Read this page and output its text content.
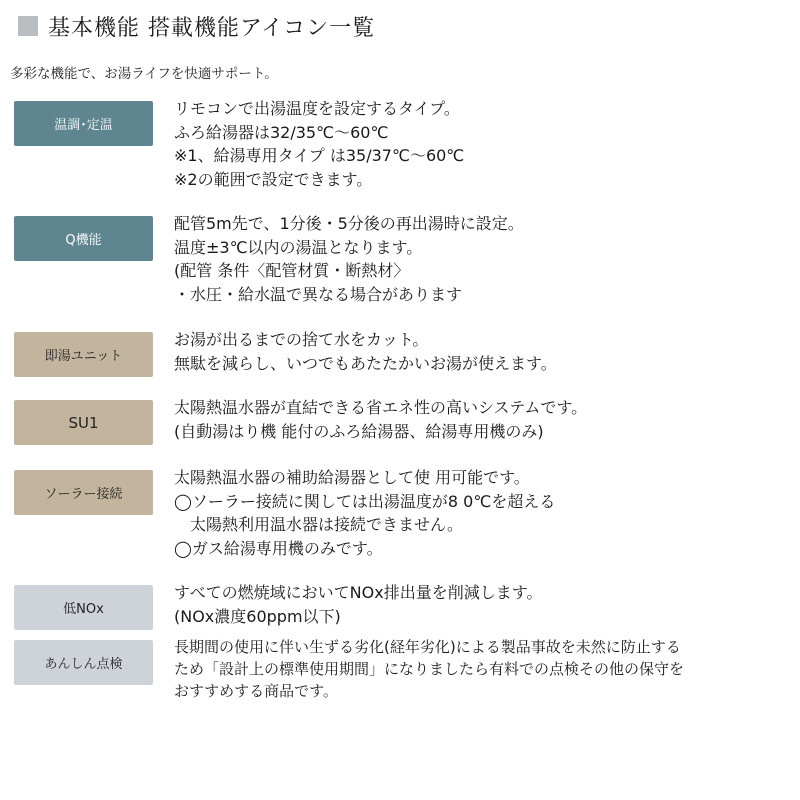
基本機能 搭載機能アイコン一覧
多彩な機能で、お湯ライフを快適サポート。
温調･定温
リモコンで出湯温度を設定するタイプ。
ふろ給湯器は32/35℃〜60℃
※1、給湯専用タイプ は35/37℃〜60℃
※2の範囲で設定できます。
Q機能
配管5m先で、1分後・5分後の再出湯時に設定。
温度±3℃以内の湯温となります。
(配管 条件〈配管材質・断熱材〉
・水圧・給水温で異なる場合があります
即湯ユニット
お湯が出るまでの捨て水をカット。
無駄を減らし、いつでもあたたかいお湯が使えます。
SU1
太陽熱温水器が直結できる省エネ性の高いシステムです。
(自動湯はり機 能付のふろ給湯器、給湯専用機のみ)
ソーラー接続
太陽熱温水器の補助給湯器として使 用可能です。
◯ソーラー接続に関しては出湯温度が8 0℃を超える
　太陽熱利用温水器は接続できません。
◯ガス給湯専用機のみです。
低NOx
すべての燃焼域においてNOx排出量を削減します。
(NOx濃度60ppm以下)
あんしん点検
長期間の使用に伴い生ずる劣化(経年劣化)による製品事故を未然に防止する
ため「設計上の標準使用期間」になりましたら有料での点検その他の保守を
おすすめする商品です。
